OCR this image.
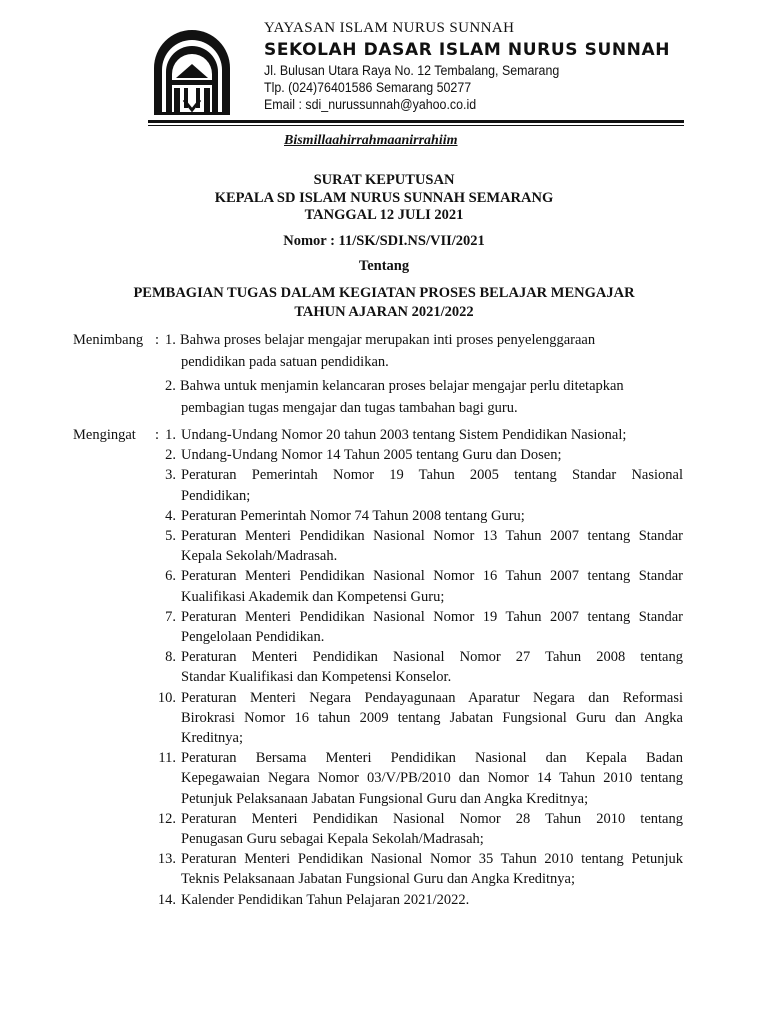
YAYASAN ISLAM NURUS SUNNAH
SEKOLAH DASAR ISLAM NURUS SUNNAH
Jl. Bulusan Utara Raya No. 12 Tembalang, Semarang
Tlp. (024)76401586 Semarang 50277
Email : sdi_nurussunnah@yahoo.co.id
Bismillaahirrahmaanirrahiim
SURAT KEPUTUSAN
KEPALA SD ISLAM NURUS SUNNAH SEMARANG
TANGGAL 12 JULI 2021
Nomor : 11/SK/SDI.NS/VII/2021
Tentang
PEMBAGIAN TUGAS DALAM KEGIATAN PROSES BELAJAR MENGAJAR
TAHUN AJARAN 2021/2022
Menimbang : 1. Bahwa proses belajar mengajar merupakan inti proses penyelenggaraan
pendidikan pada satuan pendidikan.
2. Bahwa untuk menjamin kelancaran proses belajar mengajar perlu ditetapkan
pembagian tugas mengajar dan tugas tambahan bagi guru.
Mengingat : 1. Undang-Undang Nomor 20 tahun 2003 tentang Sistem Pendidikan Nasional;
2. Undang-Undang Nomor 14 Tahun 2005 tentang Guru dan Dosen;
3. Peraturan Pemerintah Nomor 19 Tahun 2005 tentang Standar Nasional
Pendidikan;
4. Peraturan Pemerintah Nomor 74 Tahun 2008 tentang Guru;
5. Peraturan Menteri Pendidikan Nasional Nomor 13 Tahun 2007 tentang Standar
Kepala Sekolah/Madrasah.
6. Peraturan Menteri Pendidikan Nasional Nomor 16 Tahun 2007 tentang Standar
Kualifikasi Akademik dan Kompetensi Guru;
7. Peraturan Menteri Pendidikan Nasional Nomor 19 Tahun 2007 tentang Standar
Pengelolaan Pendidikan.
8. Peraturan Menteri Pendidikan Nasional Nomor 27 Tahun 2008 tentang
Standar Kualifikasi dan Kompetensi Konselor.
10. Peraturan Menteri Negara Pendayagunaan Aparatur Negara dan Reformasi
Birokrasi Nomor 16 tahun 2009 tentang Jabatan Fungsional Guru dan Angka
Kreditnya;
11. Peraturan Bersama Menteri Pendidikan Nasional dan Kepala Badan
Kepegawaian Negara Nomor 03/V/PB/2010 dan Nomor 14 Tahun 2010 tentang
Petunjuk Pelaksanaan Jabatan Fungsional Guru dan Angka Kreditnya;
12. Peraturan Menteri Pendidikan Nasional Nomor 28 Tahun 2010 tentang
Penugasan Guru sebagai Kepala Sekolah/Madrasah;
13. Peraturan Menteri Pendidikan Nasional Nomor 35 Tahun 2010 tentang Petunjuk
Teknis Pelaksanaan Jabatan Fungsional Guru dan Angka Kreditnya;
14. Kalender Pendidikan Tahun Pelajaran 2021/2022.
